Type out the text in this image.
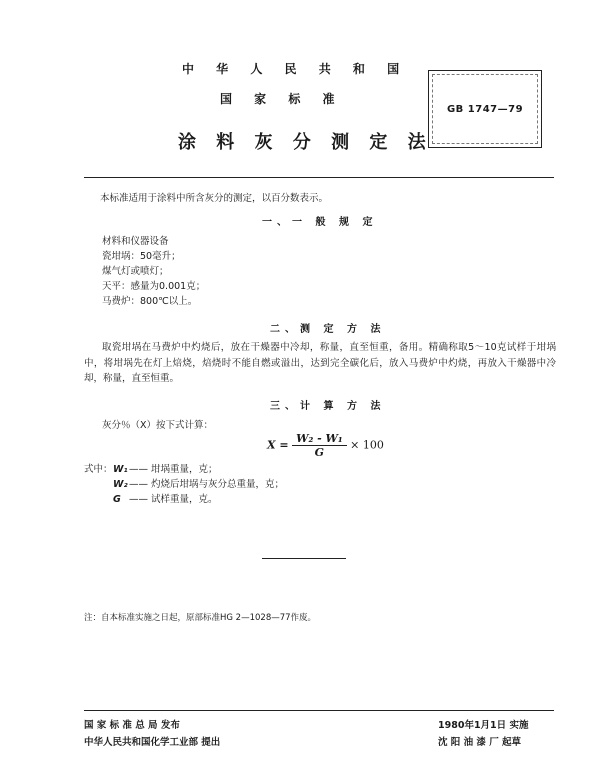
中 华 人 民 共 和 国
国 家 标 准
涂 料 灰 分 测 定 法
GB 1747—79
本标准适用于涂料中所含灰分的测定，以百分数表示。
一、一 般 规 定
材料和仪器设备
瓷坩埚：50毫升；
煤气灯或喷灯；
天平：感量为0.001克；
马费炉：800℃以上。
二、测 定 方 法
取瓷坩埚在马费炉中灼烧后，放在干燥器中冷却，称量，直至恒重，备用。精确称取5～10克试样于坩埚中，将坩埚先在灯上焙烧，焙烧时不能自燃或溢出，达到完全碳化后，放入马费炉中灼烧，再放入干燥器中冷却，称量，直至恒重。
三、计 算 方 法
灰分％（X）按下式计算：
$X = \frac{\text{W₂ - W₁}}{G} \times 100$
式中： W₁—— 坩埚重量，克；
W₂—— 灼烧后坩埚与灰分总重量，克；
G —— 试样重量，克。
注：自本标准实施之日起，原部标准HG 2—1028—77作废。
国 家 标 准 总 局 发布
中华人民共和国化学工业部 提出
1980年1月1日 实施
沈 阳 油 漆 厂 起草
